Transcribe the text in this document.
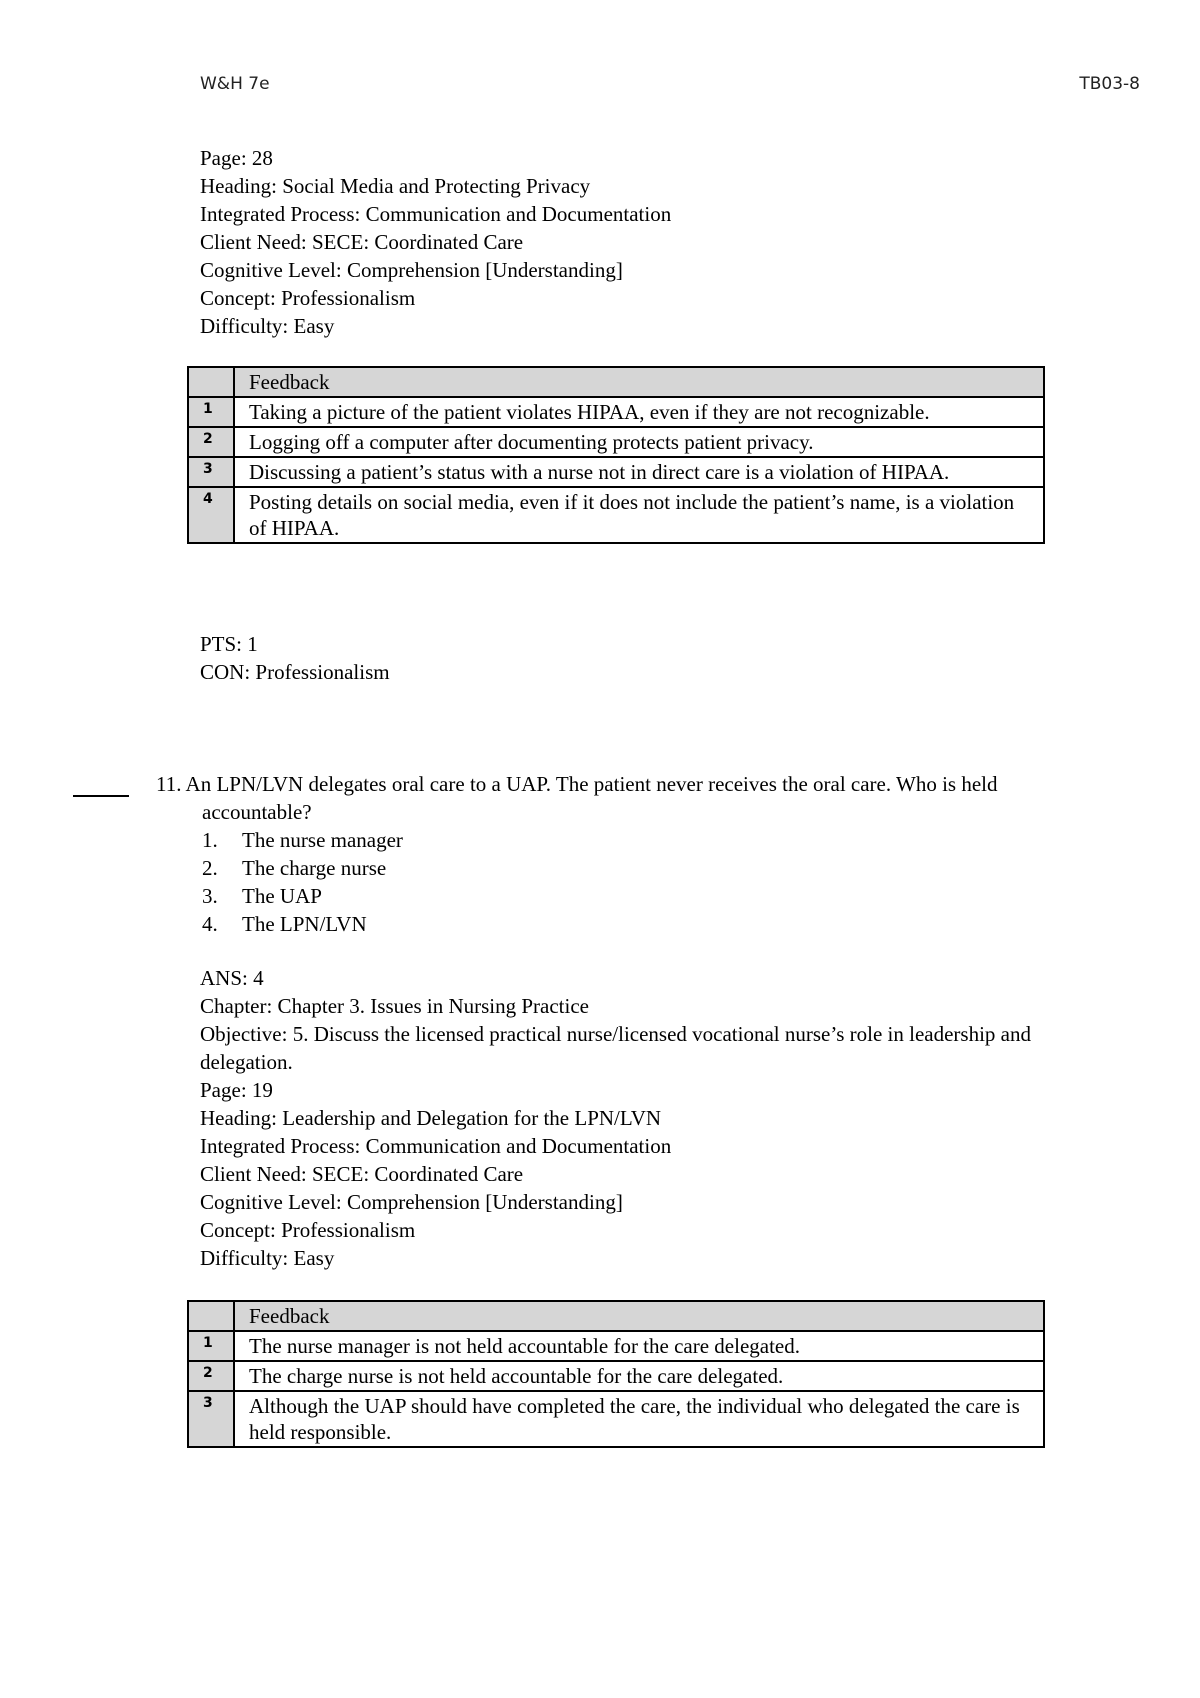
W&H 7e	TB03-8
Page: 28
Heading: Social Media and Protecting Privacy
Integrated Process: Communication and Documentation
Client Need: SECE: Coordinated Care
Cognitive Level: Comprehension [Understanding]
Concept: Professionalism
Difficulty: Easy
	Feedback
1	Taking a picture of the patient violates HIPAA, even if they are not recognizable.
2	Logging off a computer after documenting protects patient privacy.
3	Discussing a patient’s status with a nurse not in direct care is a violation of HIPAA.
4	Posting details on social media, even if it does not include the patient’s name, is a violation of HIPAA.
PTS: 1
CON: Professionalism
11. An LPN/LVN delegates oral care to a UAP. The patient never receives the oral care. Who is held
accountable?
1.	The nurse manager
2.	The charge nurse
3.	The UAP
4.	The LPN/LVN
ANS: 4
Chapter: Chapter 3. Issues in Nursing Practice
Objective: 5. Discuss the licensed practical nurse/licensed vocational nurse’s role in leadership and
delegation.
Page: 19
Heading: Leadership and Delegation for the LPN/LVN
Integrated Process: Communication and Documentation
Client Need: SECE: Coordinated Care
Cognitive Level: Comprehension [Understanding]
Concept: Professionalism
Difficulty: Easy
	Feedback
1	The nurse manager is not held accountable for the care delegated.
2	The charge nurse is not held accountable for the care delegated.
3	Although the UAP should have completed the care, the individual who delegated the care is held responsible.
